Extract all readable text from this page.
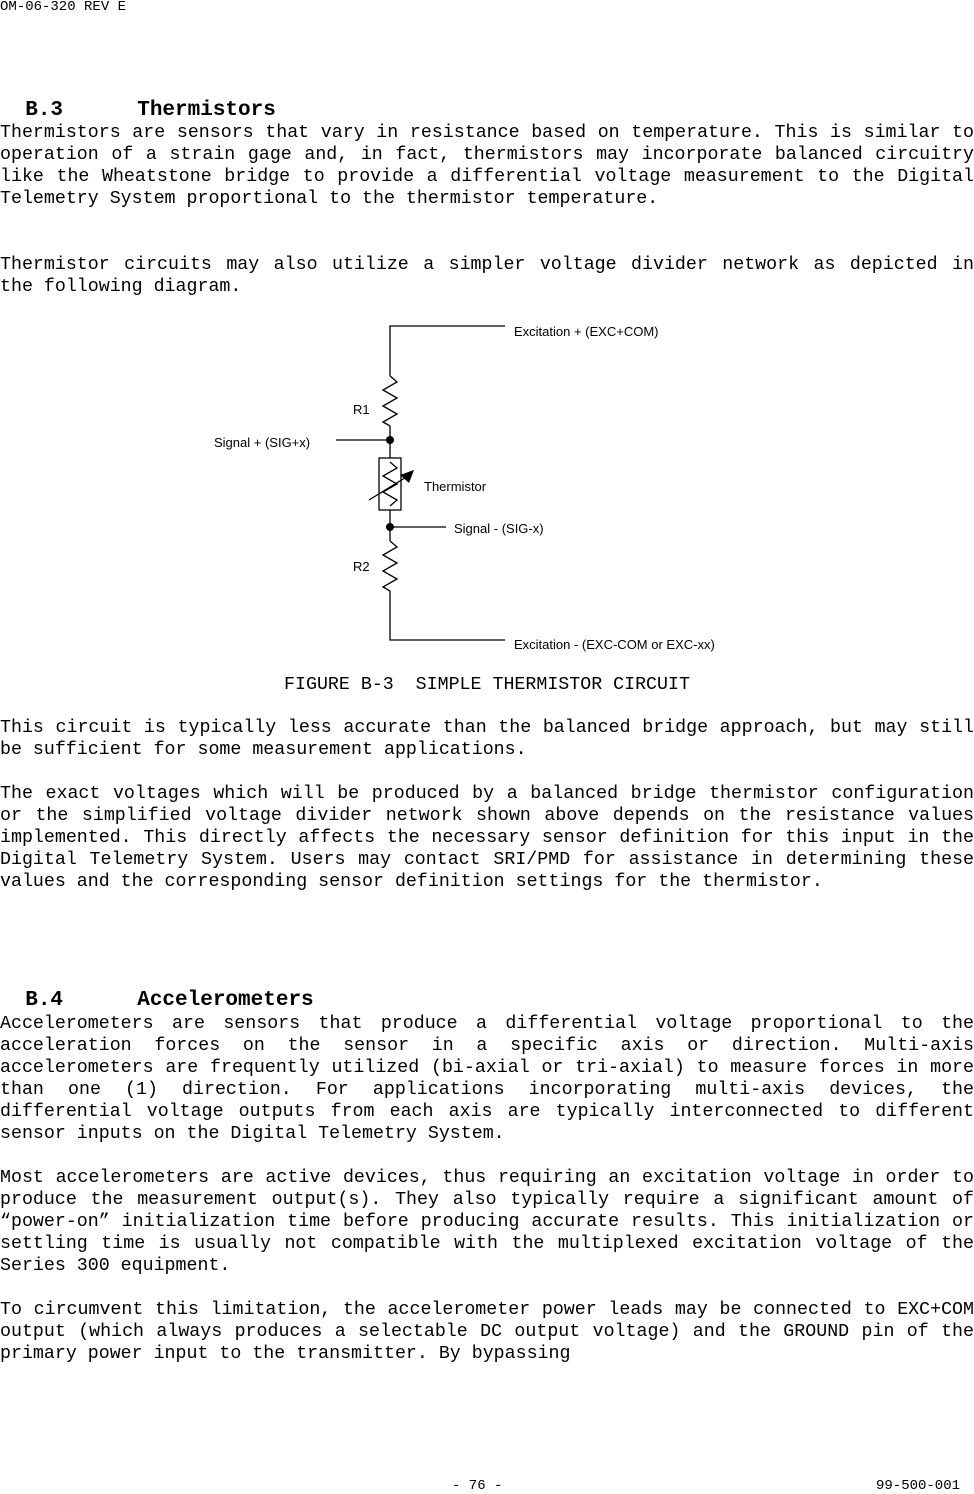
OM-06-320 REV E

B.3	Thermistors

Thermistors are sensors that vary in resistance based on temperature. This is similar to operation of a strain gage and, in fact, thermistors may incorporate balanced circuitry like the Wheatstone bridge to provide a differential voltage measurement to the Digital Telemetry System proportional to the thermistor temperature.

Thermistor circuits may also utilize a simpler voltage divider network as depicted in the following diagram.

Excitation + (EXC+COM)
R1
Signal + (SIG+x)
Thermistor
Signal - (SIG-x)
R2
Excitation - (EXC-COM or EXC-xx)
FIGURE B-3  SIMPLE THERMISTOR CIRCUIT

This circuit is typically less accurate than the balanced bridge approach, but may still be sufficient for some measurement applications.

The exact voltages which will be produced by a balanced bridge thermistor configuration or the simplified voltage divider network shown above depends on the resistance values implemented. This directly affects the necessary sensor definition for this input in the Digital Telemetry System. Users may contact SRI/PMD for assistance in determining these values and the corresponding sensor definition settings for the thermistor.

B.4	Accelerometers

Accelerometers are sensors that produce a differential voltage proportional to the acceleration forces on the sensor in a specific axis or direction. Multi-axis accelerometers are frequently utilized (bi-axial or tri-axial) to measure forces in more than one (1) direction. For applications incorporating multi-axis devices, the differential voltage outputs from each axis are typically interconnected to different sensor inputs on the Digital Telemetry System.

Most accelerometers are active devices, thus requiring an excitation voltage in order to produce the measurement output(s). They also typically require a significant amount of “power-on” initialization time before producing accurate results. This initialization or settling time is usually not compatible with the multiplexed excitation voltage of the Series 300 equipment.

To circumvent this limitation, the accelerometer power leads may be connected to EXC+COM output (which always produces a selectable DC output voltage) and the GROUND pin of the primary power input to the transmitter. By bypassing

- 76 -	99-500-001
